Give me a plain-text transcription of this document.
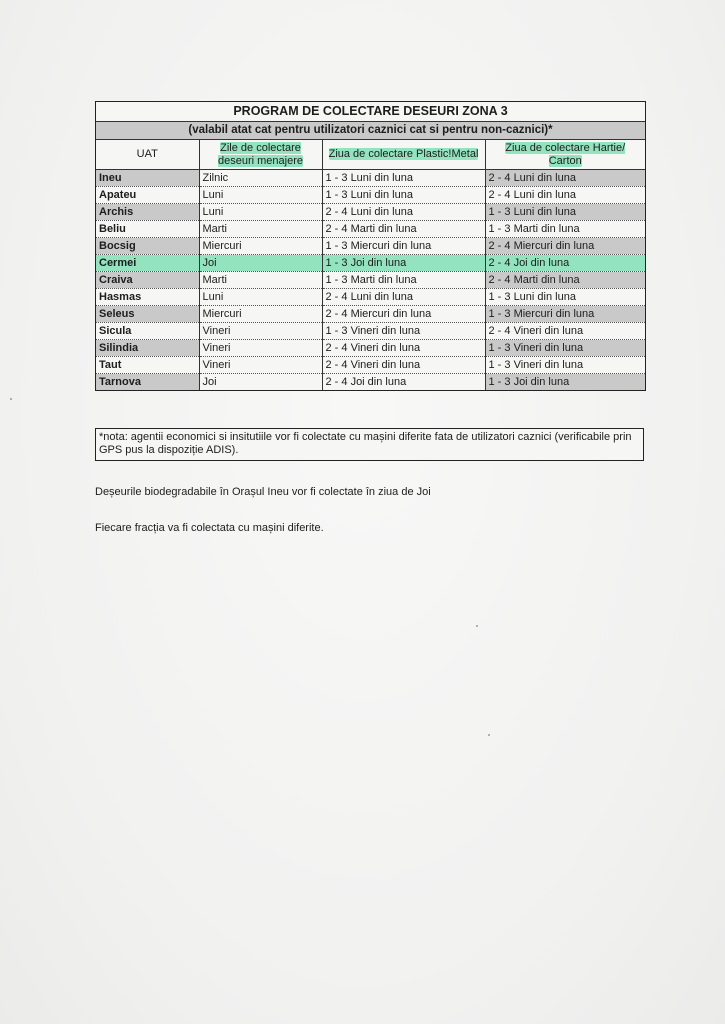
PROGRAM DE COLECTARE DESEURI ZONA 3
(valabil atat cat pentru utilizatori caznici cat si pentru non-caznici)*
UAT	Zile de colectare deseuri menajere	Ziua de colectare Plastic!Metal	Ziua de colectare Hartie/ Carton
Ineu	Zilnic	1 - 3 Luni din luna	2 - 4 Luni din luna
Apateu	Luni	1 - 3 Luni din luna	2 - 4 Luni din luna
Archis	Luni	2 - 4 Luni din luna	1 - 3 Luni din luna
Beliu	Marti	2 - 4 Marti din luna	1 - 3 Marti din luna
Bocsig	Miercuri	1 - 3 Miercuri din luna	2 - 4 Miercuri din luna
Cermei	Joi	1 - 3 Joi din luna	2 - 4 Joi din luna
Craiva	Marti	1 - 3 Marti din luna	2 - 4 Marti din luna
Hasmas	Luni	2 - 4 Luni din luna	1 - 3 Luni din luna
Seleus	Miercuri	2 - 4 Miercuri din luna	1 - 3 Miercuri din luna
Sicula	Vineri	1 - 3 Vineri din luna	2 - 4 Vineri din luna
Silindia	Vineri	2 - 4 Vineri din luna	1 - 3 Vineri din luna
Taut	Vineri	2 - 4 Vineri din luna	1 - 3 Vineri din luna
Tarnova	Joi	2 - 4 Joi din luna	1 - 3 Joi din luna
*nota: agentii economici si insitutiile vor fi colectate cu mașini diferite fata de utilizatori caznici (verificabile prin GPS pus la dispoziție ADIS).
Deșeurile biodegradabile în Orașul Ineu vor fi colectate în ziua de Joi
Fiecare fracția va fi colectata cu mașini diferite.
